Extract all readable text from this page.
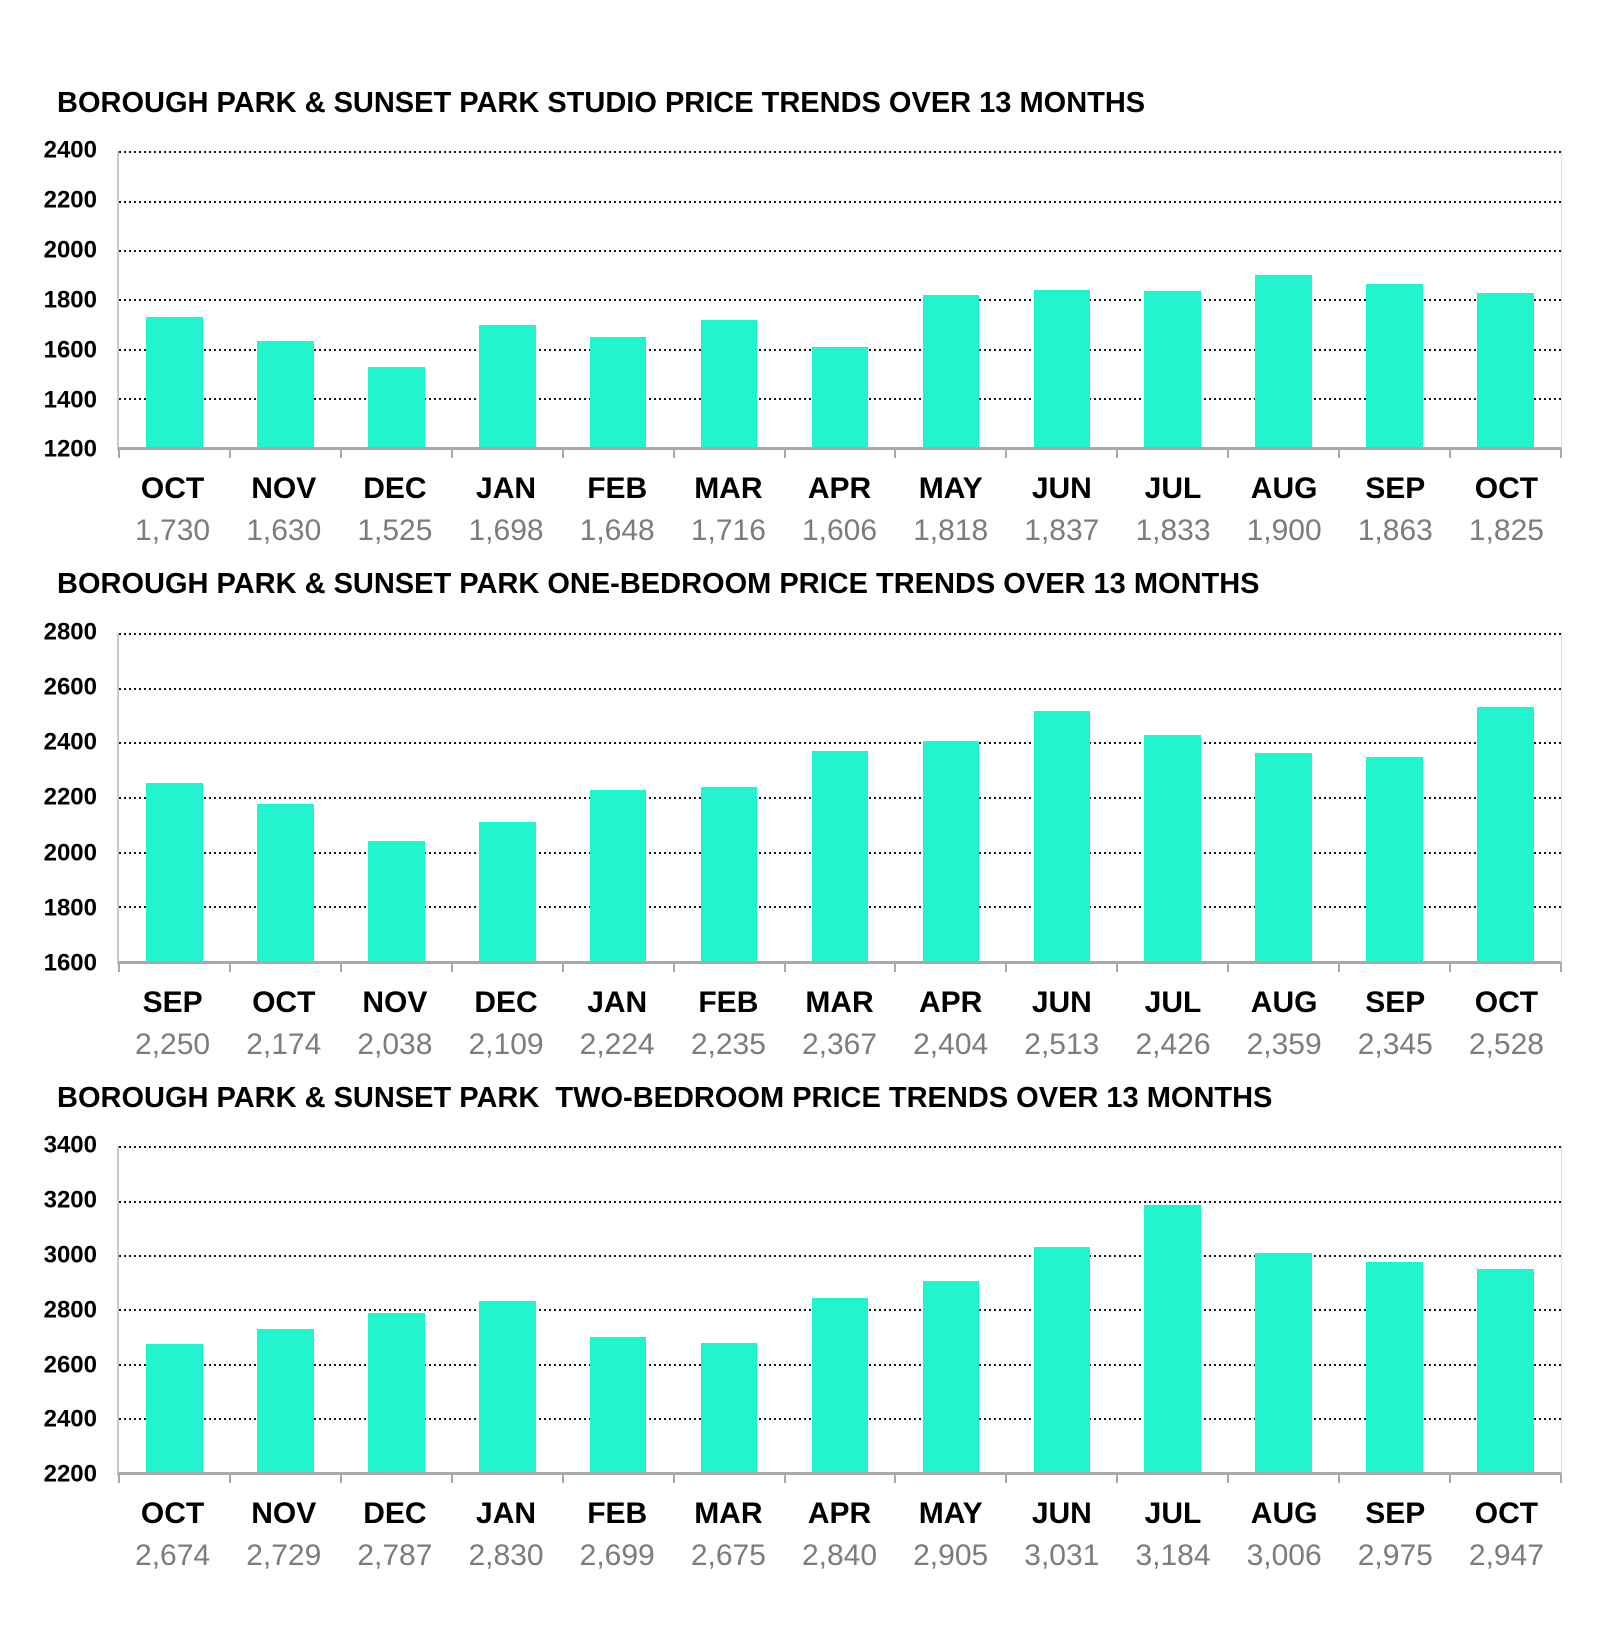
BOROUGH PARK & SUNSET PARK STUDIO PRICE TRENDS OVER 13 MONTHS
2400
2200
2000
1800
1600
1400
1200
OCT
1,730
NOV
1,630
DEC
1,525
JAN
1,698
FEB
1,648
MAR
1,716
APR
1,606
MAY
1,818
JUN
1,837
JUL
1,833
AUG
1,900
SEP
1,863
OCT
1,825
BOROUGH PARK & SUNSET PARK ONE-BEDROOM PRICE TRENDS OVER 13 MONTHS
2800
2600
2400
2200
2000
1800
1600
SEP
2,250
OCT
2,174
NOV
2,038
DEC
2,109
JAN
2,224
FEB
2,235
MAR
2,367
APR
2,404
JUN
2,513
JUL
2,426
AUG
2,359
SEP
2,345
OCT
2,528
BOROUGH PARK & SUNSET PARK  TWO-BEDROOM PRICE TRENDS OVER 13 MONTHS
3400
3200
3000
2800
2600
2400
2200
OCT
2,674
NOV
2,729
DEC
2,787
JAN
2,830
FEB
2,699
MAR
2,675
APR
2,840
MAY
2,905
JUN
3,031
JUL
3,184
AUG
3,006
SEP
2,975
OCT
2,947
